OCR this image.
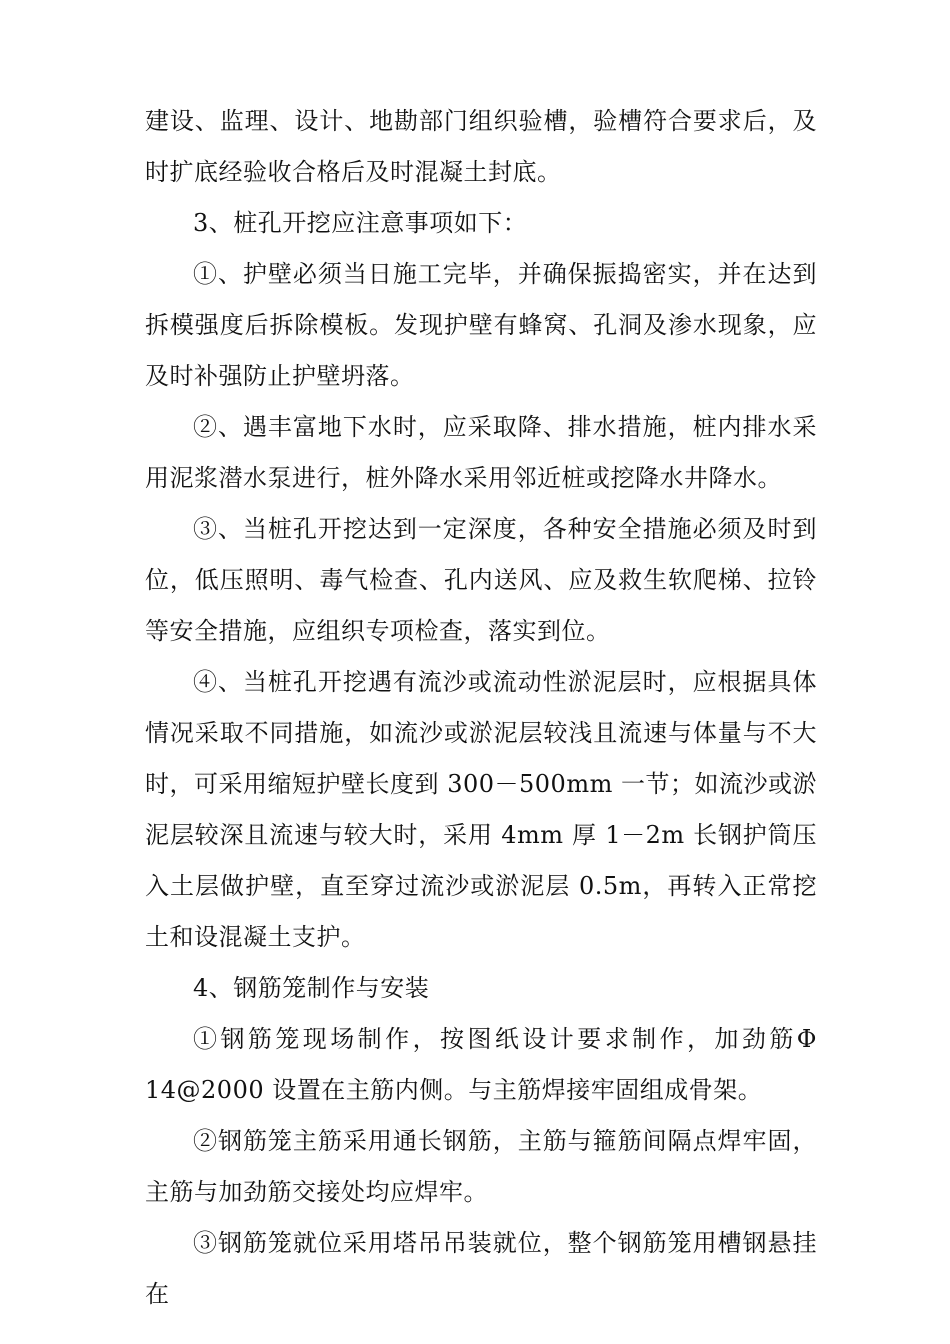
建设、监理、设计、地勘部门组织验槽，验槽符合要求后，及时扩底经验收合格后及时混凝土封底。

3、桩孔开挖应注意事项如下：

①、护壁必须当日施工完毕，并确保振捣密实，并在达到拆模强度后拆除模板。发现护壁有蜂窝、孔洞及渗水现象，应及时补强防止护壁坍落。

②、遇丰富地下水时，应采取降、排水措施，桩内排水采用泥浆潜水泵进行，桩外降水采用邻近桩或挖降水井降水。

③、当桩孔开挖达到一定深度，各种安全措施必须及时到位，低压照明、毒气检查、孔内送风、应及救生软爬梯、拉铃等安全措施，应组织专项检查，落实到位。

④、当桩孔开挖遇有流沙或流动性淤泥层时，应根据具体情况采取不同措施，如流沙或淤泥层较浅且流速与体量与不大时，可采用缩短护壁长度到 300－500mm 一节；如流沙或淤泥层较深且流速与较大时，采用 4mm 厚 1－2m 长钢护筒压入土层做护壁，直至穿过流沙或淤泥层 0.5m，再转入正常挖土和设混凝土支护。

4、钢筋笼制作与安装

①钢筋笼现场制作，按图纸设计要求制作，加劲筋Φ 14@2000 设置在主筋内侧。与主筋焊接牢固组成骨架。

②钢筋笼主筋采用通长钢筋，主筋与箍筋间隔点焊牢固，主筋与加劲筋交接处均应焊牢。

③钢筋笼就位采用塔吊吊装就位，整个钢筋笼用槽钢悬挂在
